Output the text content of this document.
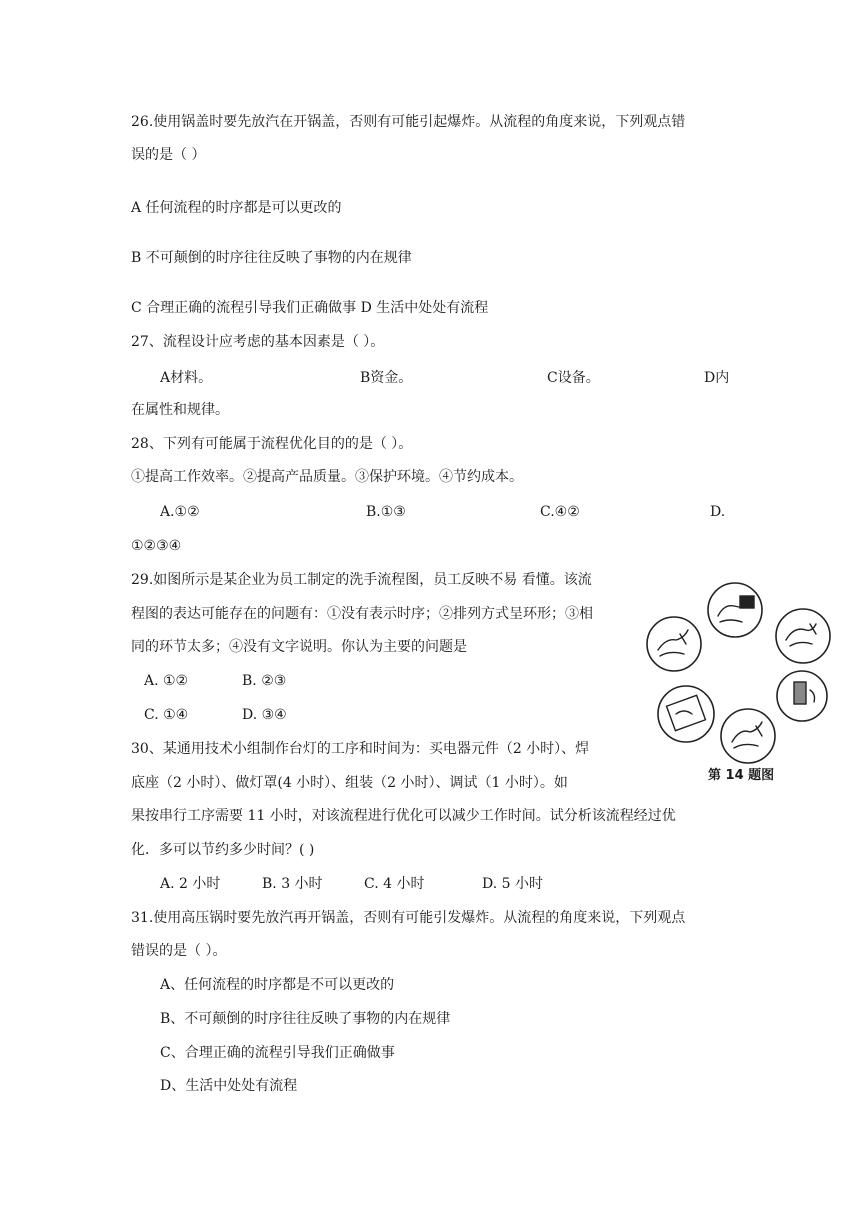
26.使用锅盖时要先放汽在开锅盖，否则有可能引起爆炸。从流程的角度来说，下列观点错
误的是（ ）
A 任何流程的时序都是可以更改的
B 不可颠倒的时序往往反映了事物的内在规律
C 合理正确的流程引导我们正确做事 D 生活中处处有流程
27、流程设计应考虑的基本因素是（ ）。
A材料。	B资金。	C设备。	D内
在属性和规律。
28、下列有可能属于流程优化目的的是（ ）。
①提高工作效率。②提高产品质量。③保护环境。④节约成本。
A.①②	B.①③	C.④②	D.
①②③④
29.如图所示是某企业为员工制定的洗手流程图，员工反映不易 看懂。该流
程图的表达可能存在的问题有：①没有表示时序；②排列方式呈环形；③相
同的环节太多；④没有文字说明。你认为主要的问题是
A. ①②	B. ②③
C. ①④	D. ③④
第 14 题图
30、某通用技术小组制作台灯的工序和时间为：买电器元件（2 小时）、焊
底座（2 小时）、做灯罩(4 小时）、组装（2 小时）、调试（1 小时）。如
果按串行工序需要 11 小时，对该流程进行优化可以减少工作时间。试分析该流程经过优
化．多可以节约多少时间？( )
A. 2 小时	B. 3 小时	C. 4 小时	D. 5 小时
31.使用高压锅时要先放汽再开锅盖，否则有可能引发爆炸。从流程的角度来说，下列观点
错误的是（ ）。
A、任何流程的时序都是不可以更改的
B、不可颠倒的时序往往反映了事物的内在规律
C、合理正确的流程引导我们正确做事
D、生活中处处有流程
